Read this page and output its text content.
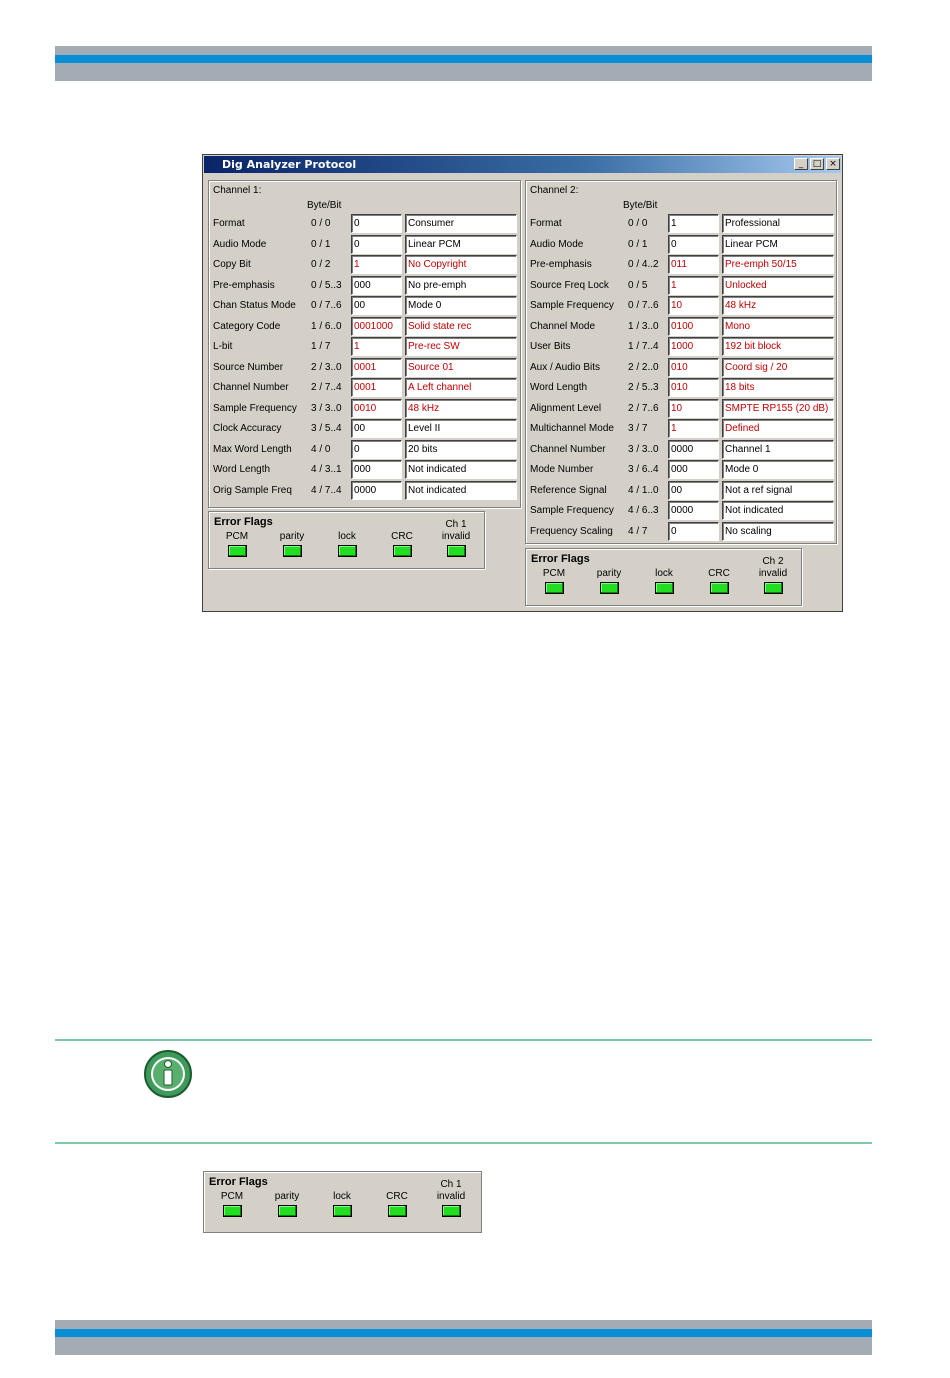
Dig Analyzer Protocol	_	□ ×
Channel 1:
Byte/Bit
Format	0 / 0	0	Consumer
Audio Mode	0 / 1	0	Linear PCM
Copy Bit	0 / 2	1	No Copyright
Pre-emphasis	0 / 5..3	000	No pre-emph
Chan Status Mode 0 / 7..6	00	Mode 0
Category Code	1 / 6..0	0001000	Solid state rec
L-bit	1 / 7	1	Pre-rec SW
Source Number	2 / 3..0	0001	Source 01
Channel Number 2 / 7..4	0001	A Left channel
Sample Frequency 3 / 3..0	0010	48 kHz
Clock Accuracy	3 / 5..4	00	Level II
Max Word Length 4 / 0	0	20 bits
Word Length	4 / 3..1	000	Not indicated
Orig Sample Freq 4 / 7..4	0000	Not indicated
Channel 2:
Byte/Bit
Format	0 / 0	1	Professional
Audio Mode	0 / 1	0	Linear PCM
Pre-emphasis	0 / 4..2	011	Pre-emph 50/15
Source Freq Lock 0 / 5	1	Unlocked
Sample Frequency 0 / 7..6	10	48 kHz
Channel Mode	1 / 3..0	0100	Mono
User Bits	1 / 7..4	1000	192 bit block
Aux / Audio Bits	2 / 2..0	010	Coord sig / 20
Word Length	2 / 5..3	010	18 bits
Alignment Level	2 / 7..6	10	SMPTE RP155 (20 dB)
Multichannel Mode 3 / 7	1	Defined
Channel Number 3 / 3..0	0000	Channel 1
Mode Number	3 / 6..4	000	Mode 0
Reference Signal 4 / 1..0	00	Not a ref signal
Sample Frequency 4 / 6..3	0000	Not indicated
Frequency Scaling 4 / 7	0	No scaling
Error Flags
PCM	parity	lock	CRC
Ch 1
invalid
Error Flags
PCM	parity	lock	CRC
Ch 2
invalid
Error Flags
PCM	parity	lock	CRC
Ch 1
invalid
